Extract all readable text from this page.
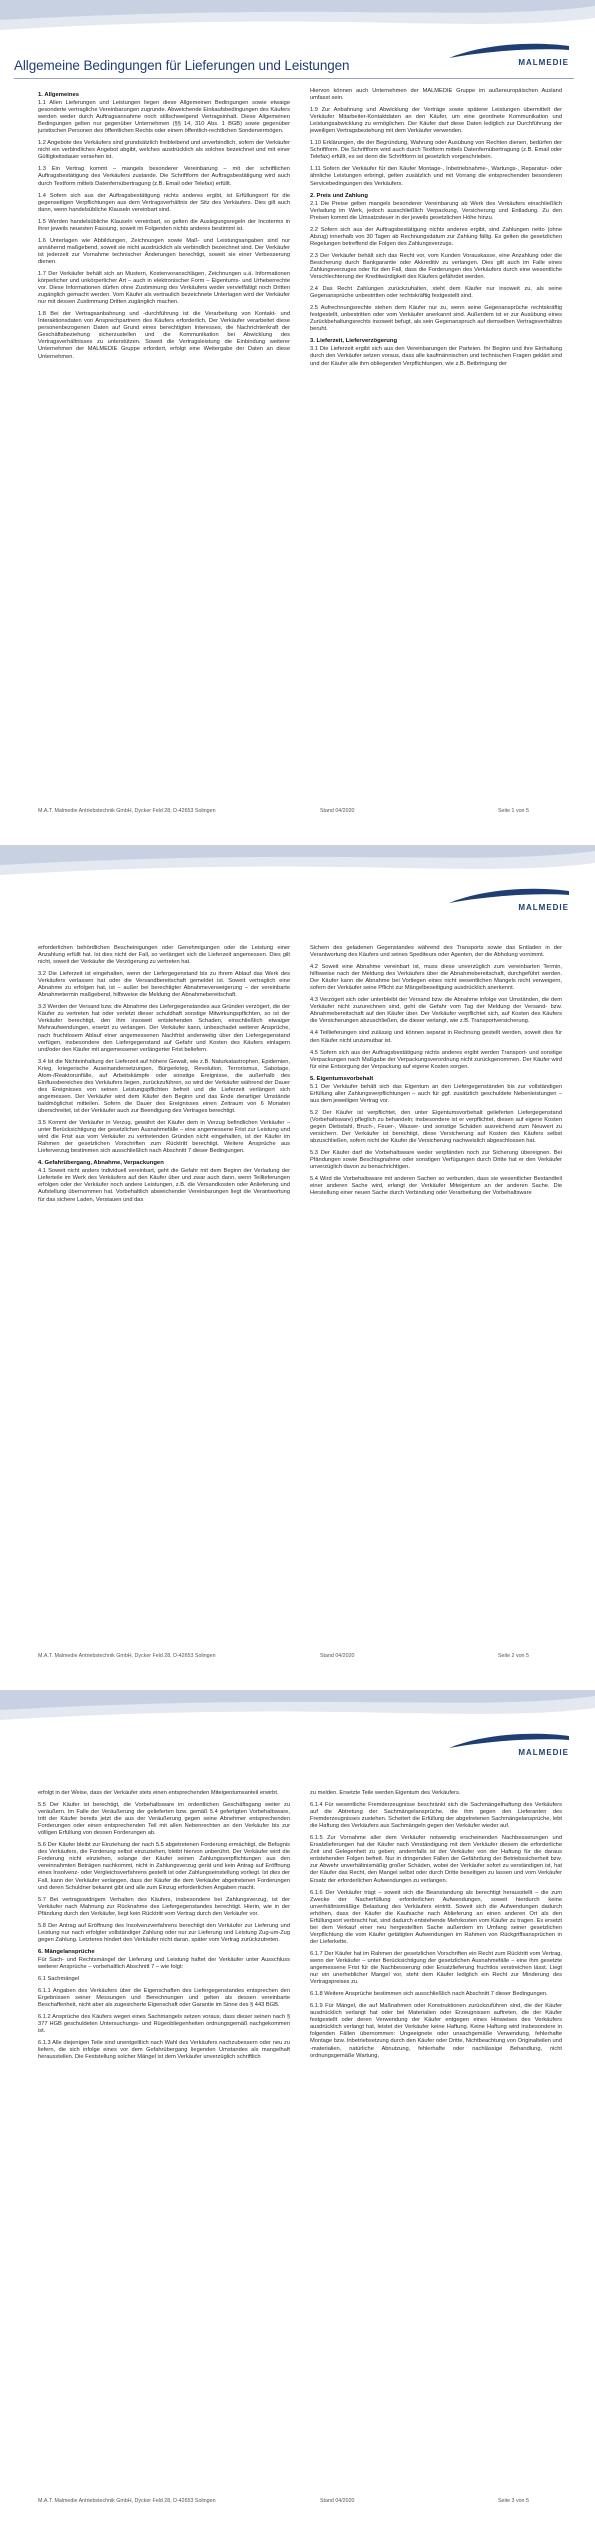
MALMEDIE
Allgemeine Bedingungen für Lieferungen und Leistungen
1. Allgemeines

1.1 Allen Lieferungen und Leistungen liegen diese Allgemeinen Bedingungen sowie etwaige gesonderte vertragliche Vereinbarungen zugrunde. Abweichende Einkaufsbedingungen des Käufers werden weder durch Auftragsannahme noch stillschweigend Vertragsinhalt. Diese Allgemeinen Bedingungen gelten nur gegenüber Unternehmen (§§ 14, 310 Abs. 1 BGB) sowie gegenüber juristischen Personen des öffentlichen Rechts oder einem öffentlich-rechtlichen Sondervermögen.

1.2 Angebote des Verkäufers sind grundsätzlich freibleibend und unverbindlich, sofern der Verkäufer nicht ein verbindliches Angebot abgibt, welches ausdrücklich als solches bezeichnet und mit einer Gültigkeitsdauer versehen ist.

1.3 Ein Vertrag kommt – mangels besonderer Vereinbarung – mit der schriftlichen Auftragsbestätigung des Verkäufers zustande. Die Schriftform der Auftragsbestätigung wird auch durch Textform mittels Datenfernübertragung (z.B. Email oder Telefax) erfüllt.

1.4 Sofern sich aus der Auftragsbestätigung nichts anderes ergibt, ist Erfüllungsort für die gegenseitigen Verpflichtungen aus dem Vertragsverhältnis der Sitz des Verkäufers. Dies gilt auch dann, wenn handelsübliche Klauseln vereinbart sind.

1.5 Werden handelsübliche Klauseln vereinbart, so gelten die Auslegungsregeln der Incoterms in ihrer jeweils neuesten Fassung, soweit im Folgenden nichts anderes bestimmt ist.

1.6 Unterlagen wie Abbildungen, Zeichnungen sowie Maß- und Leistungsangaben sind nur annähernd maßgebend, soweit sie nicht ausdrücklich als verbindlich bezeichnet sind. Der Verkäufer ist jederzeit zur Vornahme technischer Änderungen berechtigt, soweit sie einer Verbesserung dienen.

1.7 Der Verkäufer behält sich an Mustern, Kostenvoranschlägen, Zeichnungen u.ä. Informationen körperlicher und unkörperlicher Art – auch in elektronischer Form – Eigentums- und Urheberrechte vor. Diese Informationen dürfen ohne Zustimmung des Verkäufers weder vervielfältigt noch Dritten zugänglich gemacht werden. Vom Käufer als vertraulich bezeichnete Unterlagen wird der Verkäufer nur mit dessen Zustimmung Dritten zugänglich machen.

1.8 Bei der Vertragsanbahnung und -durchführung ist die Verarbeitung von Kontakt- und Interaktionsdaten von Ansprechpartnern des Käufers erforderlich. Der Verkäufer verarbeitet diese personenbezogenen Daten auf Grund eines berechtigten Interesses, die Nachrichtenkraft der Geschäftsbeziehung sicherzustellen und die Kommunikation bei Abwicklung des Vertragsverhältnisses zu unterstützen. Soweit die Vertragsleistung die Einbindung weiterer Unternehmen der MALMEDIE Gruppe erfordert, erfolgt eine Weitergabe der Daten an diese Unternehmen.

Hiervon können auch Unternehmen der MALMEDIE Gruppe im außereuropäischen Ausland umfasst sein.

1.9 Zur Anbahnung und Abwicklung der Verträge sowie späterer Leistungen übermittelt der Verkäufer Mitarbeiter-Kontaktdaten an den Käufer, um eine geordnete Kommunikation und Leistungsabwicklung zu ermöglichen. Der Käufer darf diese Daten lediglich zur Durchführung der jeweiligen Vertragsbeziehung mit dem Verkäufer verwenden.

1.10 Erklärungen, die der Begründung, Wahrung oder Ausübung von Rechten dienen, bedürfen der Schriftform. Die Schriftform wird auch durch Textform mittels Datenfernübertragung (z.B. Email oder Telefax) erfüllt, es sei denn die Schriftform ist gesetzlich vorgeschrieben.

1.11 Sofern der Verkäufer für den Käufer Montage-, Inbetriebnahme-, Wartungs-, Reparatur- oder ähnliche Leistungen erbringt, gelten zusätzlich und mit Vorrang die entsprechenden besonderen Servicebedingungen des Verkäufers.

2. Preis und Zahlung

2.1 Die Preise gelten mangels besonderer Vereinbarung ab Werk des Verkäufers einschließlich Verladung im Werk, jedoch ausschließlich Verpackung, Versicherung und Entladung. Zu den Preisen kommt die Umsatzsteuer in der jeweils gesetzlichen Höhe hinzu.

2.2 Sofern sich aus der Auftragsbestätigung nichts anderes ergibt, sind Zahlungen netto (ohne Abzug) innerhalb von 30 Tagen ab Rechnungsdatum zur Zahlung fällig. Es gelten die gesetzlichen Regelungen betreffend die Folgen des Zahlungsverzugs.

2.3 Der Verkäufer behält sich das Recht vor, vom Kunden Vorauskasse, eine Anzahlung oder die Besicherung durch Bankgarantie oder Akkreditiv zu verlangen. Dies gilt auch im Falle eines Zahlungsverzuges oder für den Fall, dass die Forderungen des Verkäufers durch eine wesentliche Verschlechterung der Kreditwürdigkeit des Käufers gefährdet werden.

2.4 Das Recht Zahlungen zurückzuhalten, steht dem Käufer nur insoweit zu, als seine Gegenansprüche unbestritten oder rechtskräftig festgestellt sind.

2.5 Aufrechnungsrechte stehen dem Käufer nur zu, wenn seine Gegenansprüche rechtskräftig festgestellt, unbestritten oder vom Verkäufer anerkannt sind. Außerdem ist er zur Ausübung eines Zurückbehaltungsrechts insoweit befugt, als sein Gegenanspruch auf demselben Vertragsverhältnis beruht.

3. Lieferzeit, Lieferverzögerung

3.1 Die Lieferzeit ergibt sich aus den Vereinbarungen der Parteien. Ihr Beginn und ihre Einhaltung durch den Verkäufer setzen voraus, dass alle kaufmännischen und technischen Fragen geklärt sind und der Käufer alle ihm obliegenden Verpflichtungen, wie z.B. Beibringung der

M.A.T. Malmedie Antriebstechnik GmbH, Dycker Feld 28, D-42653 Solingen	Stand 04/2020	Seite 1 von 5
MALMEDIE

erforderlichen behördlichen Bescheinigungen oder Genehmigungen oder die Leistung einer Anzahlung erfüllt hat. Ist dies nicht der Fall, so verlängert sich die Lieferzeit angemessen. Dies gilt nicht, soweit der Verkäufer die Verzögerung zu vertreten hat.

3.2 Die Lieferzeit ist eingehalten, wenn der Liefergegenstand bis zu ihrem Ablauf das Werk des Verkäufers verlassen hat oder die Versandbereitschaft gemeldet ist. Soweit vertraglich eine Abnahme zu erfolgen hat, ist – außer bei berechtigter Abnahmeverweigerung – der vereinbarte Abnahmetermin maßgebend, hilfsweise die Meldung der Abnahmebereitschaft.

3.3 Werden der Versand bzw. die Abnahme des Liefergegenstandes aus Gründen verzögert, die der Käufer zu vertreten hat oder verletzt dieser schuldhaft sonstige Mitwirkungspflichten, so ist der Verkäufer berechtigt, den ihm insoweit entstehenden Schaden, einschließlich etwaiger Mehraufwendungen, ersetzt zu verlangen. Der Verkäufer kann, unbeschadet weiterer Ansprüche, nach fruchtlosem Ablauf einer angemessenen Nachfrist anderweitig über den Liefergegenstand verfügen, insbesondere den Liefergegenstand auf Gefahr und Kosten des Käufers einlagern und/oder den Käufer mit angemessener verlängerter Frist beliefern.

3.4 Ist die Nichteinhaltung der Lieferzeit auf höhere Gewalt, wie z.B. Naturkatastrophen, Epidemien, Krieg, kriegerische Auseinandersetzungen, Bürgerkrieg, Revolution, Terrorismus, Sabotage, Atom-/Reaktorunfälle, auf Arbeitskämpfe oder sonstige Ereignisse, die außerhalb des Einflussbereiches des Verkäufers liegen, zurückzuführen, so wird der Verkäufer während der Dauer des Ereignisses von seinen Leistungspflichten befreit und die Lieferzeit verlängert sich angemessen. Der Verkäufer wird dem Käufer den Beginn und das Ende derartiger Umstände baldmöglichst mitteilen. Sofern die Dauer des Ereignisses einen Zeitraum von 6 Monaten überschreitet, ist der Verkäufer auch zur Beendigung des Vertrages berechtigt.

3.5 Kommt der Verkäufer in Verzug, gewährt der Käufer dem in Verzug befindlichen Verkäufer – unter Berücksichtigung der gesetzlichen Ausnahmefälle – eine angemessene Frist zur Leistung und wird die Frist aus vom Verkäufer zu vertretenden Gründen nicht eingehalten, ist der Käufer im Rahmen der gesetzlichen Vorschriften zum Rücktritt berechtigt. Weitere Ansprüche aus Lieferverzug bestimmen sich ausschließlich nach Abschnitt 7 dieser Bedingungen.

4. Gefahrübergang, Abnahme, Verpackungen

4.1 Soweit nicht anders individuell vereinbart, geht die Gefahr mit dem Beginn der Verladung der Lieferteile im Werk des Verkäufers auf den Käufer über und zwar auch dann, wenn Teillieferungen erfolgen oder der Verkäufer noch andere Leistungen, z.B. die Versandkosten oder Anlieferung und Aufstellung übernommen hat. Vorbehaltlich abweichender Vereinbarungen liegt die Verantwortung für das sichere Laden, Verstauen und das

Sichern des geladenen Gegenstandes während des Transports sowie das Entladen in der Verantwortung des Käufers und seines Spediteurs oder Agenten, der die Abholung vornimmt.

4.2 Soweit eine Abnahme vereinbart ist, muss diese unverzüglich zum vereinbarten Termin, hilfsweise nach der Meldung des Verkäufers über die Abnahmebereitschaft, durchgeführt werden. Der Käufer kann die Abnahme bei Vorliegen eines nicht wesentlichen Mangels nicht verweigern, sofern der Verkäufer seine Pflicht zur Mängelbeseitigung ausdrücklich anerkennt.

4.3 Verzögert sich oder unterbleibt der Versand bzw. die Abnahme infolge von Umständen, die dem Verkäufer nicht zuzurechnen sind, geht die Gefahr vom Tag der Meldung der Versand- bzw. Abnahmebereitschaft auf den Käufer über. Der Verkäufer verpflichtet sich, auf Kosten des Käufers die Versicherungen abzuschließen, die dieser verlangt, wie z.B. Transportversicherung.

4.4 Teillieferungen sind zulässig und können separat in Rechnung gestellt werden, soweit dies für den Käufer nicht unzumutbar ist.

4.5 Sofern sich aus der Auftragsbestätigung nichts anderes ergibt werden Transport- und sonstige Verpackungen nach Maßgabe der Verpackungsverordnung nicht zurückgenommen. Der Käufer wird für eine Entsorgung der Verpackung auf eigene Kosten sorgen.

5. Eigentumsvorbehalt

5.1 Der Verkäufer behält sich das Eigentum an den Liefergegenständen bis zur vollständigen Erfüllung aller Zahlungsverpflichtungen – auch für ggf. zusätzlich geschuldete Nebenleistungen – aus dem jeweiligen Vertrag vor.

5.2 Der Käufer ist verpflichtet, den unter Eigentumsvorbehalt gelieferten Liefergegenstand (Vorbehaltsware) pfleglich zu behandeln; insbesondere ist er verpflichtet, diesen auf eigene Kosten gegen Diebstahl, Bruch-, Feuer-, Wasser- und sonstige Schäden ausreichend zum Neuwert zu versichern. Der Verkäufer ist berechtigt, diese Versicherung auf Kosten des Käufers selbst abzuschließen, sofern nicht der Käufer die Versicherung nachweislich abgeschlossen hat.

5.3 Der Käufer darf die Vorbehaltsware weder verpfänden noch zur Sicherung übereignen. Bei Pfändungen sowie Beschlagnahme oder sonstigen Verfügungen durch Dritte hat er den Verkäufer unverzüglich davon zu benachrichtigen.

5.4 Wird die Vorbehaltsware mit anderen Sachen so verbunden, dass sie wesentlicher Bestandteil einer anderen Sache wird, erlangt der Verkäufer Miteigentum an der anderen Sache. Die Herstellung einer neuen Sache durch Verbindung oder Verarbeitung der Vorbehaltsware

M.A.T. Malmedie Antriebstechnik GmbH, Dycker Feld 28, D-42653 Solingen	Stand 04/2020	Seite 2 von 5
MALMEDIE

erfolgt in der Weise, dass der Verkäufer stets einen entsprechenden Miteigentumsanteil erwirbt.

5.5 Der Käufer ist berechtigt, die Vorbehaltsware im ordentlichen Geschäftsgang weiter zu veräußern. Im Falle der Veräußerung der gelieferten bzw. gemäß 5.4 gefertigten Vorbehaltsware, tritt der Käufer bereits jetzt die aus der Veräußerung gegen seine Abnehmer entsprechenden Forderungen oder einen entsprechenden Teil mit allen Nebenrechten an den Verkäufer bis zur völligen Erfüllung von dessen Forderungen ab.

5.6 Der Käufer bleibt zur Einziehung der nach 5.5 abgetretenen Forderung ermächtigt, die Befugnis des Verkäufers, die Forderung selbst einzuziehen, bleibt hiervon unberührt. Der Verkäufer wird die Forderung nicht einziehen, solange der Käufer seinen Zahlungsverpflichtungen aus den vereinnahmten Beträgen nachkommt, nicht in Zahlungsverzug gerät und kein Antrag auf Eröffnung eines Insolvenz- oder Vergleichsverfahrens gestellt ist oder Zahlungseinstellung vorliegt. Ist dies der Fall, kann der Verkäufer verlangen, dass der Käufer die dem Verkäufer abgetretenen Forderungen und deren Schuldner bekannt gibt und alle zum Einzug erforderlichen Angaben macht.

5.7 Bei vertragswidrigem Verhalten des Käufers, insbesondere bei Zahlungsverzug, ist der Verkäufer nach Mahnung zur Rücknahme des Liefergegenstandes berechtigt. Hierin, wie in der Pfändung durch den Verkäufer, liegt kein Rücktritt vom Vertrag durch den Verkäufer vor.

5.8 Der Antrag auf Eröffnung des Insolvenzverfahrens berechtigt den Verkäufer zur Lieferung und Leistung nur nach erfolgter vollständiger Zahlung oder nur zur Lieferung und Leistung Zug-um-Zug gegen Zahlung. Letzteres hindert den Verkäufer nicht daran, später vom Vertrag zurückzutreten.

6. Mängelansprüche

Für Sach- und Rechtsmängel der Lieferung und Leistung haftet der Verkäufer unter Ausschluss weiterer Ansprüche – vorbehaltlich Abschnitt 7 – wie folgt:

6.1 Sachmängel

6.1.1 Angaben des Verkäufers über die Eigenschaften des Liefergegenstandes entsprechen den Ergebnissen seiner Messungen und Berechnungen und gelten als dessen vereinbarte Beschaffenheit, nicht aber als zugesicherte Eigenschaft oder Garantie im Sinne des § 443 BGB.

6.1.2 Ansprüche des Käufers wegen eines Sachmangels setzen voraus, dass dieser seinen nach § 377 HGB geschuldeten Untersuchungs- und Rügeobliegenheiten ordnungsgemäß nachgekommen ist.

6.1.3 Alle diejenigen Teile sind unentgeltlich nach Wahl des Verkäufers nachzubessern oder neu zu liefern, die sich infolge eines vor dem Gefahrübergang liegenden Umstandes als mangelhaft herausstellen. Die Feststellung solcher Mängel ist dem Verkäufer unverzüglich schriftlich

zu melden. Ersetzte Teile werden Eigentum des Verkäufers.

6.1.4 Für wesentliche Fremderzeugnisse beschränkt sich die Sachmängelhaftung des Verkäufers auf die Abtretung der Sachmängelansprüche, die ihm gegen den Lieferanten des Fremderzeugnisses zustehen. Scheitert die Erfüllung der abgetretenen Sachmängelansprüche, lebt die Haftung des Verkäufers aus Sachmängeln gegen den Verkäufer wieder auf.

6.1.5 Zur Vornahme aller dem Verkäufer notwendig erscheinenden Nachbesserungen und Ersatzlieferungen hat der Käufer nach Verständigung mit dem Verkäufer diesem die erforderliche Zeit und Gelegenheit zu geben; andernfalls ist der Verkäufer von der Haftung für die daraus entstehenden Folgen befreit. Nur in dringenden Fällen der Gefährdung der Betriebssicherheit bzw. zur Abwehr unverhältnismäßig großer Schäden, wobei der Verkäufer sofort zu verständigen ist, hat der Käufer das Recht, den Mangel selbst oder durch Dritte beseitigen zu lassen und vom Verkäufer Ersatz der erforderlichen Aufwendungen zu verlangen.

6.1.6 Der Verkäufer trägt – soweit sich die Beanstandung als berechtigt herausstellt – die zum Zwecke der Nacherfüllung erforderlichen Aufwendungen, soweit hierdurch keine unverhältnismäßige Belastung des Verkäufers eintritt. Soweit sich die Aufwendungen dadurch erhöhen, dass der Käufer die Kaufsache nach Ablieferung an einen anderen Ort als den Erfüllungsort verbracht hat, sind dadurch entstehende Mehrkosten vom Käufer zu tragen. Es ersetzt bei dem Verkauf einer neu hergestellten Sache außerdem im Umfang seiner gesetzlichen Verpflichtung die vom Käufer getätigten Aufwendungen im Rahmen von Rückgriffsansprüchen in der Lieferkette.

6.1.7 Der Käufer hat im Rahmen der gesetzlichen Vorschriften ein Recht zum Rücktritt vom Vertrag, wenn der Verkäufer – unter Berücksichtigung der gesetzlichen Ausnahmefälle – eine ihm gesetzte angemessene Frist für die Nachbesserung oder Ersatzlieferung fruchtlos verstreichen lässt. Liegt nur ein unerheblicher Mangel vor, steht dem Käufer lediglich ein Recht zur Minderung des Vertragspreises zu.

6.1.8 Weitere Ansprüche bestimmen sich ausschließlich nach Abschnitt 7 dieser Bedingungen.

6.1.9 Für Mängel, die auf Maßnahmen oder Konstruktionen zurückzuführen sind, die der Käufer ausdrücklich verlangt hat oder bei Materialien oder Erzeugnissen auftreten, die der Käufer festgestellt oder deren Verwendung der Käufer entgegen eines Hinweises des Verkäufers ausdrücklich verlangt hat, leistet der Verkäufer keine Haftung. Keine Haftung wird insbesondere in folgenden Fällen übernommen: Ungeeignete oder unsachgemäße Verwendung, fehlerhafte Montage bzw. Inbetriebsetzung durch den Käufer oder Dritte, Nichtbeachtung von Originalteilen und -materialien, natürliche Abnutzung, fehlerhafte oder nachlässige Behandlung, nicht ordnungsgemäße Wartung,

M.A.T. Malmedie Antriebstechnik GmbH, Dycker Feld 28, D-42653 Solingen	Stand 04/2020	Seite 3 von 5
